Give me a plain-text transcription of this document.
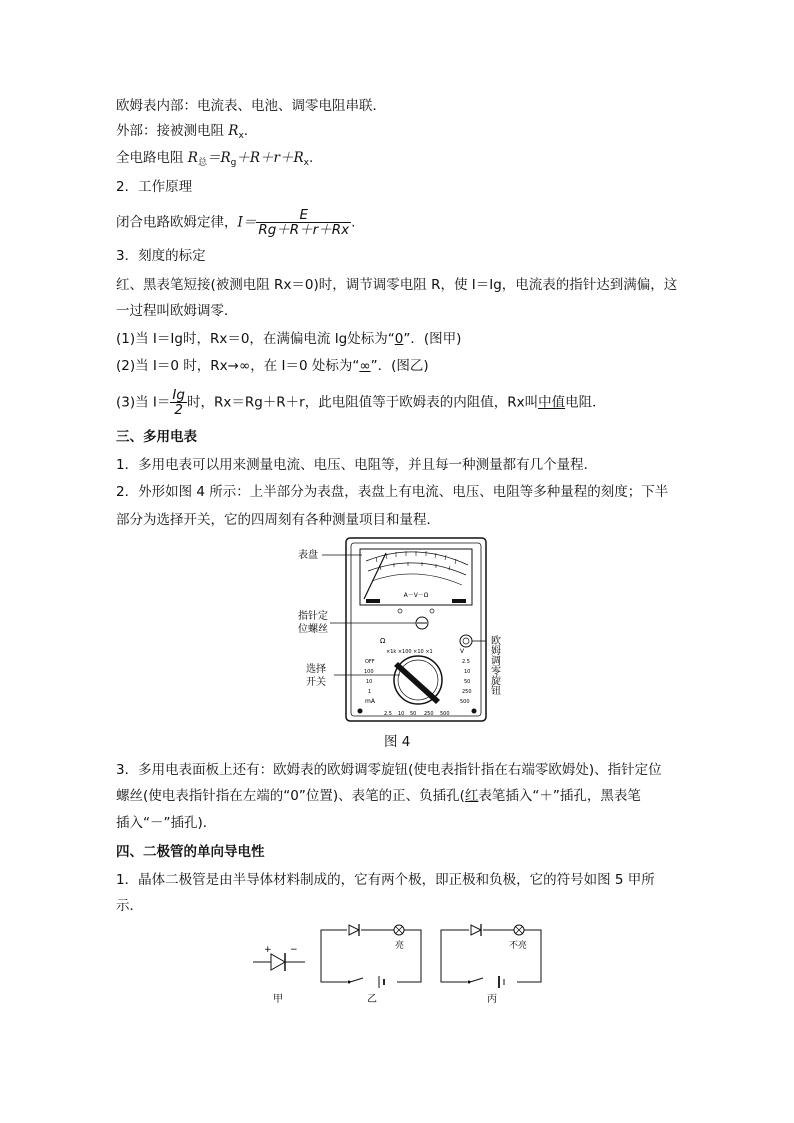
欧姆表内部：电流表、电池、调零电阻串联．
外部：接被测电阻 $R_x$.
全电路电阻 $R_总=R_g+R+r+R_x$.
2．工作原理
闭合电路欧姆定律，$I= \frac{E}{Rg+R+r+Rx}$ .
3．刻度的标定
红、黑表笔短接(被测电阻 Rx＝0)时，调节调零电阻 R，使 I＝Ig，电流表的指针达到满偏，这
一过程叫欧姆调零．
(1)当 I＝Ig时，Rx＝0，在满偏电流 Ig处标为“0”．(图甲)
(2)当 I＝0 时，Rx→∞，在 I＝0 处标为“∞”．(图乙)
(3)当 $I= \frac{Ig}{2}$ 时，Rx＝Rg＋R＋r，此电阻值等于欧姆表的内阻值，Rx叫中值电阻．
三、多用电表
1．多用电表可以用来测量电流、电压、电阻等，并且每一种测量都有几个量程．
2．外形如图 4 所示：上半部分为表盘，表盘上有电流、电压、电阻等多种量程的刻度；下半
部分为选择开关，它的四周刻有各种测量项目和量程．
A－V－Ω
Ω
×1k ×100 ×10 ×1
OFF
100
10
1
mA
V
2.5
10
50
250
500
2.5 10 50 250 500
表盘
指针定
位螺丝
选择
开关	欧姆调零旋钮
图 4
3．多用电表面板上还有：欧姆表的欧姆调零旋钮(使电表指针指在右端零欧姆处)、指针定位
螺丝(使电表指针指在左端的“0”位置)、表笔的正、负插孔(红表笔插入“＋”插孔，黑表笔
插入“－”插孔)．
四、二极管的单向导电性
1．晶体二极管是由半导体材料制成的，它有两个极，即正极和负极，它的符号如图 5 甲所
示．
+ −	亮	不亮
甲	乙	丙
